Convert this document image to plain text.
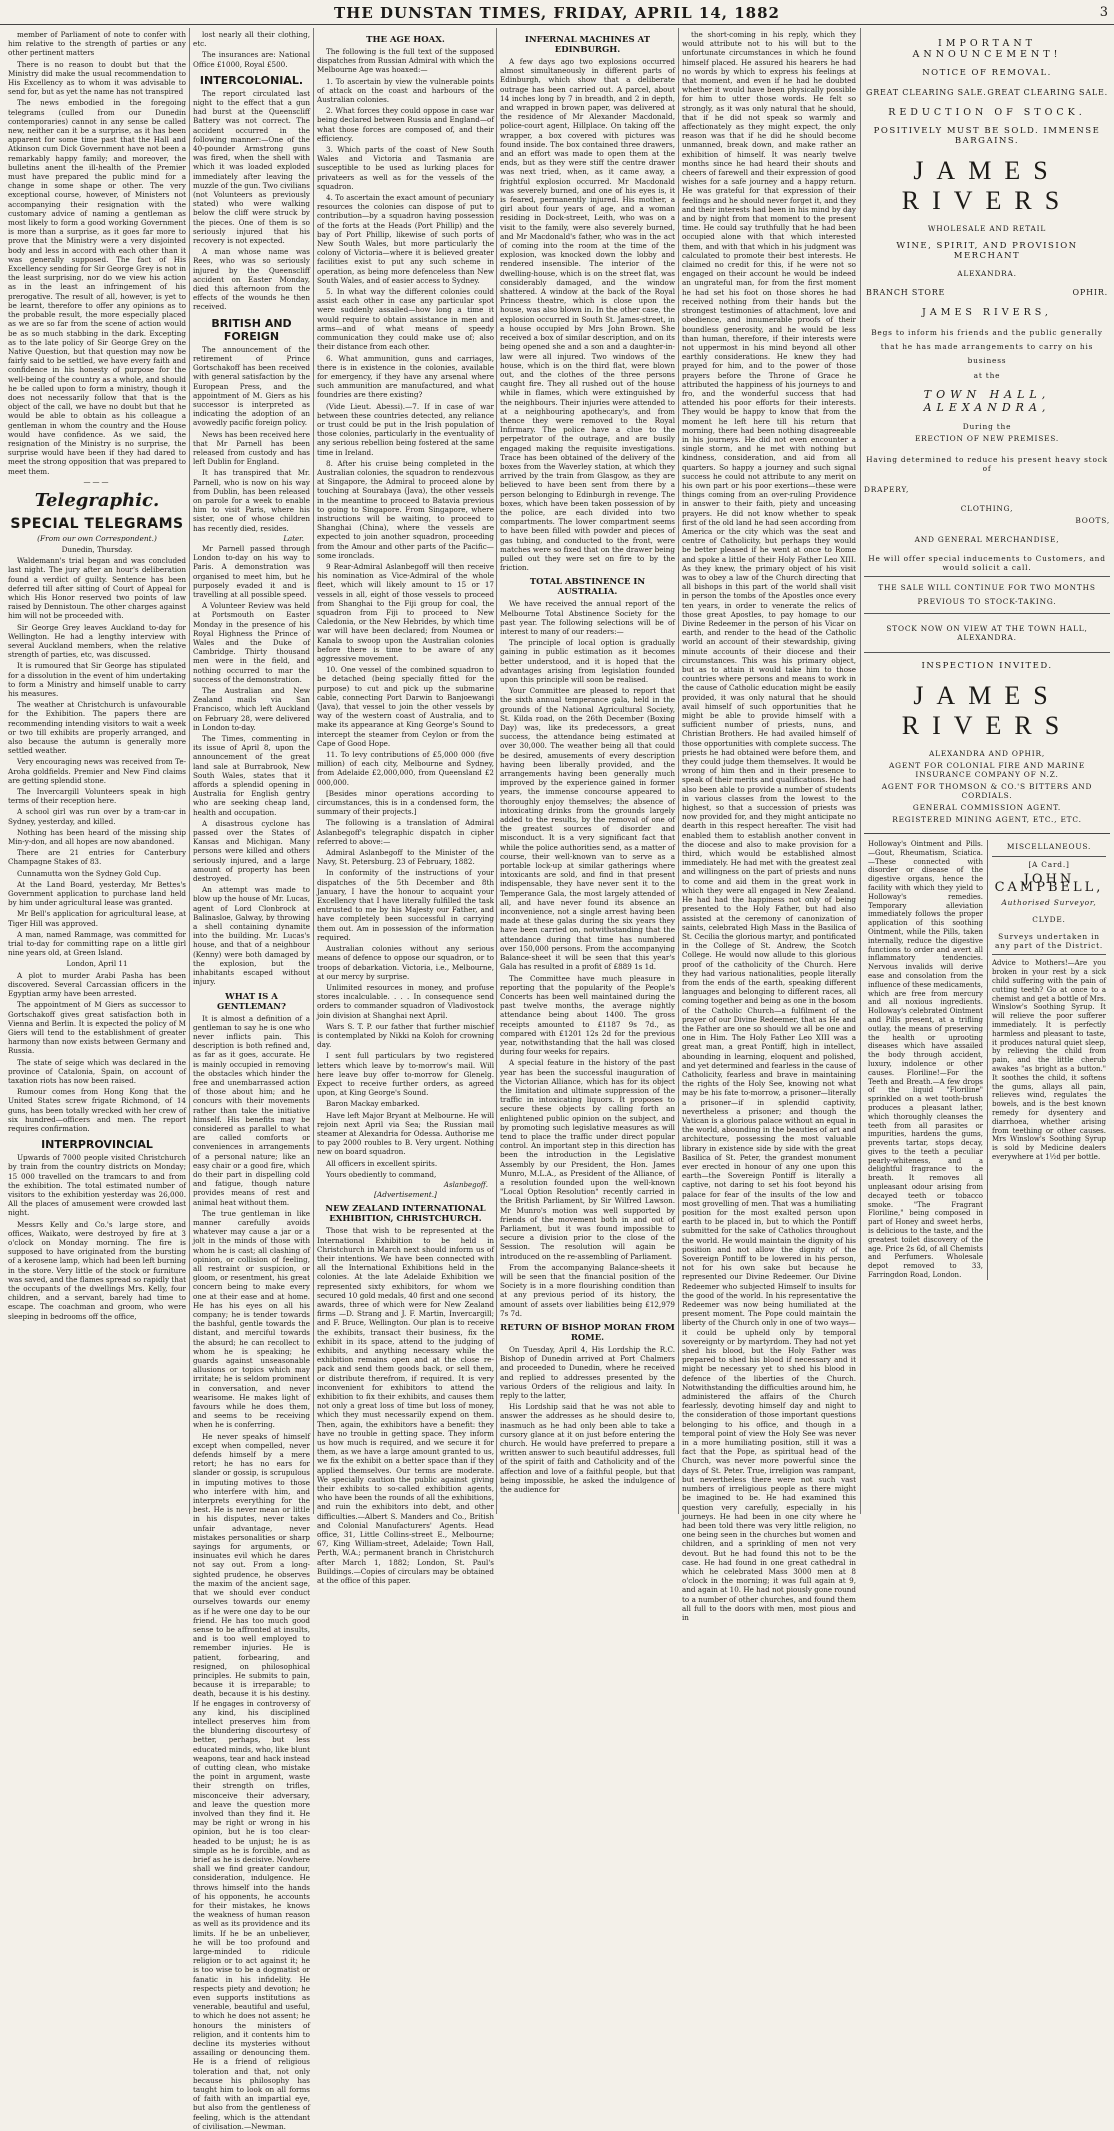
THE DUNSTAN TIMES, FRIDAY, APRIL 14, 1882	3

member of Parliament of note to confer with him relative to the strength of parties or any other pertinent matters

There is no reason to doubt but that the Ministry did make the usual recommendation to His Excellency as to whom it was advisable to send for, but as yet the name has not transpired

The news embodied in the foregoing telegrams (culled from our Dunedin contemporaries) cannot in any sense be called new, neither can it be a surprise, as it has been apparent for some time past that the Hall and Atkinson cum Dick Government have not been a remarkably happy family; and moreover, the bulletins anent the ill-health of the Premier must have prepared the public mind for a change in some shape or other. The very exceptional course, however, of Ministers not accompanying their resignation with the customary advice of naming a gentleman as most likely to form a good working Government is more than a surprise, as it goes far more to prove that the Ministry were a very disjointed body and less in accord with each other than it was generally supposed. The fact of His Excellency sending for Sir George Grey is not in the least surprising, nor do we view his action as in the least an infringement of his prerogative. The result of all, however, is yet to be learnt, therefore to offer any opinions as to the probable result, the more especially placed as we are so far from the scene of action would be as so much stabbing in the dark. Excepting as to the late policy of Sir George Grey on the Native Question, but that question may now be fairly said to be settled, we have every faith and confidence in his honesty of purpose for the well-being of the country as a whole, and should he be called upon to form a ministry, though it does not necessarily follow that that is the object of the call, we have no doubt but that he would be able to obtain as his colleague a gentleman in whom the country and the House would have confidence. As we said, the resignation of the Ministry is no surprise, the surprise would have been if they had dared to meet the strong opposition that was prepared to meet them.

———
Telegraphic.
SPECIAL TELEGRAMS
(From our own Correspondent.)
Dunedin, Thursday.

Waldemann's trial began and was concluded last night. The jury after an hour's deliberation found a verdict of guilty. Sentence has been deferred till after sitting of Court of Appeal for which His Honor reserved two points of law raised by Dennistoun. The other charges against him will not be proceeded with.

Sir George Grey leaves Auckland to-day for Wellington. He had a lengthy interview with several Auckland members, when the relative strength of parties, etc, was discussed.

It is rumoured that Sir George has stipulated for a dissolution in the event of him undertaking to form a Ministry and himself unable to carry his measures.

The weather at Christchurch is unfavourable for the Exhibition. The papers there are recommending intending visitors to wait a week or two till exhibits are properly arranged, and also because the autumn is generally more settled weather.

Very encouraging news was received from Te-Aroha goldfields. Premier and New Find claims are getting splendid stone.

The Invercargill Volunteers speak in high terms of their reception here.

A school girl was run over by a tram-car in Sydney, yesterday, and killed.

Nothing has been heard of the missing ship Min-y-don, and all hopes are now abandoned.

There are 21 entries for Canterbury Champagne Stakes of 83.

Cunnamutta won the Sydney Gold Cup.

At the Land Board, yesterday, Mr Bettes's Government application to purchase land held by him under agricultural lease was granted.

Mr Bell's application for agricultural lease, at Tiger Hill was approved.

A man, named Rammage, was committed for trial to-day for committing rape on a little girl nine years old, at Green Island.

London, April 11

A plot to murder Arabi Pasha has been discovered. Several Carcassian officers in the Egyptian army have been arrested.

The appointment of M Giers as successor to Gortschakoff gives great satisfaction both in Vienna and Berlin. It is expected the policy of M Giers will tend to the establishment of greater harmony than now exists between Germany and Russia.

The state of seige which was declared in the province of Catalonia, Spain, on account of taxation riots has now been raised.

Rumour comes from Hong Kong that the United States screw frigate Richmond, of 14 guns, has been totally wrecked with her crew of six hundred—officers and men. The report requires confirmation.

INTERPROVINCIAL

Upwards of 7000 people visited Christchurch by train from the country districts on Monday; 15 000 travelled on the tramcars to and from the exhibition. The total estimated number of visitors to the exhibition yesterday was 26,000. All the places of amusement were crowded last night.

Messrs Kelly and Co.'s large store, and offices, Waikato, were destroyed by fire at 3 o'clock on Monday morning. The fire is supposed to have originated from the bursting of a kerosene lamp, which had been left burning in the store. Very little of the stock or furniture was saved, and the flames spread so rapidly that the occupants of the dwellings Mrs. Kelly, four children, and a servant, barely had time to escape. The coachman and groom, who were sleeping in bedrooms off the office,

lost nearly all their clothing, etc.

The insurances are: National Office £1000, Royal £500.

INTERCOLONIAL.

The report circulated last night to the effect that a gun had burst at the Queenscliff Battery was not correct. The accident occurred in the following manner:—One of the 40-pounder Armstrong guns was fired, when the shell with which it was loaded exploded immediately after leaving the muzzle of the gun. Two civilians (not Volunteers as previously stated) who were walking below the cliff were struck by the pieces. One of them is so seriously injured that his recovery is not expected.

A man whose name was Rees, who was so seriously injured by the Queenscliff accident on Easter Monday, died this afternoon from the effects of the wounds he then received.

BRITISH AND FOREIGN

The announcement of the retirement of Prince Gortschakoff has been received with general satisfaction by the European Press, and the appointment of M. Giers as his successor is interpreted as indicating the adoption of an avowedly pacific foreign policy.

News has been received here that Mr Parnell has been released from custody and has left Dublin for England.

It has transpired that Mr. Parnell, who is now on his way from Dublin, has been released on parole for a week to enable him to visit Paris, where his sister, one of whose children has recently died, resides.

Later.

Mr Parnell passed through London to-day on his way to Paris. A demonstration was organised to meet him, but he purposely evaded it and is travelling at all possible speed.

A Volunteer Review was held at Portsmouth on Easter Monday in the presence of his Royal Highness the Prince of Wales and the Duke of Cambridge. Thirty thousand men were in the field, and nothing occurred to mar the success of the demonstration.

The Australian and New Zealand mails via San Francisco, which left Auckland on February 28, were delivered in London to-day.

The Times, commenting in its issue of April 8, upon the announcement of the great land sale at Burrabrook, New South Wales, states that it affords a splendid opening in Australia for English gentry who are seeking cheap land, health and occupation.

A disastrous cyclone has passed over the States of Kansas and Michigan. Many persons were killed and others seriously injured, and a large amount of property has been destroyed.

An attempt was made to blow up the house of Mr. Lucas, agent of Lord Clonbrock at Balinasloe, Galway, by throwing a shell containing dynamite into the building. Mr. Lucas's house, and that of a neighbour (Kenny) were both damaged by the explosion, but the inhabitants escaped without injury.

WHAT IS A GENTLEMAN?

It is almost a definition of a gentleman to say he is one who never inflicts pain. This description is both refined and, as far as it goes, accurate. He is mainly occupied in removing the obstacles which hinder the free and unembarrassed action of those about him; and he concurs with their movements rather than take the initiative himself. His benefits may be considered as parallel to what are called comforts or conveniences in arrangements of a personal nature; like an easy chair or a good fire, which do their part in dispelling cold and fatigue, though nature provides means of rest and animal heat without them.

The true gentleman in like manner carefully avoids whatever may cause a jar or a jolt in the minds of those with whom he is cast; all clashing of opinion, or collision of feeling, all restraint or suspicion, or gloom, or resentment, his great concern being to make every one at their ease and at home. He has his eyes on all his company; he is tender towards the bashful, gentle towards the distant, and merciful towards the absurd; he can recollect to whom he is speaking; he guards against unseasonable allusions or topics which may irritate; he is seldom prominent in conversation, and never wearisome. He makes light of favours while he does them, and seems to be receiving when he is conferring.

He never speaks of himself except when compelled, never defends himself by a mere retort; he has no ears for slander or gossip, is scrupulous in imputing motives to those who interfere with him, and interprets everything for the best. He is never mean or little in his disputes, never takes unfair advantage, never mistakes personalities or sharp sayings for arguments, or insinuates evil which he dares not say out. From a long-sighted prudence, he observes the maxim of the ancient sage, that we should ever conduct ourselves towards our enemy as if he were one day to be our friend. He has too much good sense to be affronted at insults, and is too well employed to remember injuries. He is patient, forbearing, and resigned, on philosophical principles. He submits to pain, because it is irreparable; to death, because it is his destiny. If he engages in controversy of any kind, his disciplined intellect preserves him from the blundering discourtesy of better, perhaps, but less educated minds, who, like blunt weapons, tear and hack instead of cutting clean, who mistake the point in argument, waste their strength on trifles, misconceive their adversary, and leave the question more involved than they find it. He may be right or wrong in his opinion, but he is too clear-headed to be unjust; he is as simple as he is forcible, and as brief as he is decisive. Nowhere shall we find greater candour, consideration, indulgence. He throws himself into the hands of his opponents, he accounts for their mistakes, he knows the weakness of human reason as well as its providence and its limits. If he be an unbeliever, he will be too profound and large-minded to ridicule religion or to act against it; he is too wise to be a dogmatist or fanatic in his infidelity. He respects piety and devotion; he even supports institutions as venerable, beautiful and useful, to which he does not assent; he honours the ministers of religion, and it contents him to decline its mysteries without assailing or denouncing them. He is a friend of religious toleration and that, not only because his philosophy has taught him to look on all forms of faith with an impartial eye, but also from the gentleness of feeling, which is the attendant of civilisation.—Newman.

THE AGE HOAX.

The following is the full text of the supposed dispatches from Russian Admiral with which the Melbourne Age was hoaxed:—

1. To ascertain by view the vulnerable points of attack on the coast and harbours of the Australian colonies.

2. What forces they could oppose in case war being declared between Russia and England—of what those forces are composed of, and their efficiency.

3. Which parts of the coast of New South Wales and Victoria and Tasmania are susceptible to be used as lurking places for privateers as well as for the vessels of the squadron.

4. To ascertain the exact amount of pecuniary resources the colonies can dispose of put to contribution—by a squadron having possession of the forts at the Heads (Port Phillip) and the bay of Port Phillip, likewise of such ports of New South Wales, but more particularly the colony of Victoria—where it is believed greater facilities exist to put any such scheme in operation, as being more defenceless than New South Wales, and of easier access to Sydney.

5. In what way the different colonies could assist each other in case any particular spot were suddenly assailed—how long a time it would require to obtain assistance in men and arms—and of what means of speedy communication they could make use of; also their distance from each other.

6. What ammunition, guns and carriages, there is in existence in the colonies, available for emergency, if they have any arsenal where such ammunition are manufactured, and what foundries are there existing?

(Vide Lieut. Abessi).—7. If in case of war between these countries detected, any reliance or trust could be put in the Irish population of those colonies, particularly in the eventuality of any serious rebellion being fostered at the same time in Ireland.

8. After his cruise being completed in the Australian colonies, the squadron to rendezvous at Singapore, the Admiral to proceed alone by touching at Sourabaya (Java), the other vessels in the meantime to proceed to Batavia previous to going to Singapore. From Singapore, where instructions will be waiting, to proceed to Shanghai (China), where the vessels are expected to join another squadron, proceeding from the Amour and other parts of the Pacific—some ironclads.

9 Rear-Admiral Aslanbegoff will then receive his nomination as Vice-Admiral of the whole fleet, which will likely amount to 15 or 17 vessels in all, eight of those vessels to proceed from Shanghai to the Fiji group for coal, the squadron from Fiji to proceed to New Caledonia, or the New Hebrides, by which time war will have been declared; from Noumea or Kanala to swoop upon the Australian colonies before there is time to be aware of any aggressive movement.

10. One vessel of the combined squadron to be detached (being specially fitted for the purpose) to cut and pick up the submarine cable, connecting Port Darwin to Banjoewangi (Java), that vessel to join the other vessels by way of the western coast of Australia, and to make its appearance at King George's Sound to intercept the steamer from Ceylon or from the Cape of Good Hope.

11. To levy contributions of £5,000 000 (five million) of each city, Melbourne and Sydney, from Adelaide £2,000,000, from Queensland £2 000,000.

[Besides minor operations according to circumstances, this is in a condensed form, the summary of their projects.]

The following is a translation of Admiral Aslanbegoff's telegraphic dispatch in cipher referred to above:—

Admiral Aslanbegoff to the Minister of the Navy, St. Petersburg. 23 of February, 1882.

In conformity of the instructions of your dispatches of the 5th December and 8th January, I have the honour to acquaint your Excellency that I have literally fulfilled the task entrusted to me by his Majesty our Father, and have completely been successful in carrying them out. Am in possession of the information required.

Australian colonies without any serious means of defence to oppose our squadron, or to troops of debarkation. Victoria, i.e., Melbourne, at our mercy by surprise.

Unlimited resources in money, and profuse stores incalculable. . . . In consequence send orders to commander squadron of Vladivostock join division at Shanghai next April.

Wars S. T. P. our father that further mischief is contemplated by Nikki na Koloh for crowning day.

I sent full particulars by two registered letters which leave by to-morrow's mail. Will here leave buy offer to-morrow for Glenelg. Expect to receive further orders, as agreed upon, at King George's Sound.

Baron Mackay embarked.

Have left Major Bryant at Melbourne. He will rejoin next April via Sea; the Russian mail steamer at Alexandria for Odessa. Authorise me to pay 2000 roubles to B. Very urgent. Nothing new on board squadron.

All officers in excellent spirits.

Yours obediently to command,

Aslanbegoff.
[Advertisement.]
NEW ZEALAND INTERNATIONAL EXHIBITION, CHRISTCHURCH.

Those that wish to be represented at the International Exhibition to be held in Christchurch in March next should inform us of their intentions. We have been connected with all the International Exhibitions held in the colonies. At the late Adelaide Exhibition we represented sixty exhibitors, for whom we secured 10 gold medals, 40 first and one second awards, three of which were for New Zealand firms —D. Strang and J. F. Martin, Invercargill; and F. Bruce, Wellington. Our plan is to receive the exhibits, transact their business, fix the exhibit in its space, attend to the judging of exhibits, and anything necessary while the exhibition remains open and at the close re-pack and send them goods back, or sell them, or distribute therefrom, if required. It is very inconvenient for exhibitors to attend the exhibition to fix their exhibits, and causes them not only a great loss of time but loss of money, which they must necessarily expend on them. Then, again, the exhibitors have a benefit: they have no trouble in getting space. They inform us how much is required, and we secure it for them, as we have a large amount granted to us, we fix the exhibit on a better space than if they applied themselves. Our terms are moderate. We specially caution the public against giving their exhibits to so-called exhibition agents, who have been the rounds of all the exhibitions, and ruin the exhibitors into debt, and other difficulties.—Albert S. Manders and Co., British and Colonial Manufacturers' Agents. Head office, 31, Little Collins-street E., Melbourne; 67, King William-street, Adelaide; Town Hall, Perth, W.A.; permanent branch in Christchurch after March 1, 1882; London, St. Paul's Buildings.—Copies of circulars may be obtained at the office of this paper.

INFERNAL MACHINES AT EDINBURGH.

A few days ago two explosions occurred almost simultaneously in different parts of Edinburgh, which show that a deliberate outrage has been carried out. A parcel, about 14 inches long by 7 in breadth, and 2 in depth, and wrapped in brown paper, was delivered at the residence of Mr Alexander Macdonald, police-court agent, Hillplace. On taking off the wrapper, a box covered with pictures was found inside. The box contained three drawers, and an effort was made to open them at the ends, but as they were stiff the centre drawer was next tried, when, as it came away, a frightful explosion occurred. Mr Macdonald was severely burned, and one of his eyes is, it is feared, permanently injured. His mother, a girl about four years of age, and a woman residing in Dock-street, Leith, who was on a visit to the family, were also severely burned, and Mr Macdonald's father, who was in the act of coming into the room at the time of the explosion, was knocked down the lobby and rendered insensible. The interior of the dwelling-house, which is on the street flat, was considerably damaged, and the window shattered. A window at the back of the Royal Princess theatre, which is close upon the house, was also blown in. In the other case, the explosion occurred in South St. James-street, in a house occupied by Mrs John Brown. She received a box of similar description, and on its being opened she and a son and a daughter-in-law were all injured. Two windows of the house, which is on the third flat, were blown out, and the clothes of the three persons caught fire. They all rushed out of the house while in flames, which were extinguished by the neighbours. Their injuries were attended to at a neighbouring apothecary's, and from thence they were removed to the Royal Infirmary. The police have a clue to the perpetrator of the outrage, and are busily engaged making the requisite investigations. Trace has been obtained of the delivery of the boxes from the Waverley station, at which they arrived by the train from Glasgow, as they are believed to have been sent from there by a person belonging to Edinburgh in revenge. The boxes, which have been taken possession of by the police, are each divided into two compartments. The lower compartment seems to have been filled with powder and pieces of gas tubing, and conducted to the front, were matches were so fixed that on the drawer being pulled out they were set on fire to by the friction.

TOTAL ABSTINENCE IN AUSTRALIA.

We have received the annual report of the Melbourne Total Abstinence Society for the past year. The following selections will be of interest to many of our readers:—

The principle of local option is gradually gaining in public estimation as it becomes better understood, and it is hoped that the advantages arising from legislation founded upon this principle will soon be realised.

Your Committee are pleased to report that the sixth annual temperance gala, held in the grounds of the National Agricultural Society, St. Kilda road, on the 26th December (Boxing Day) was, like its predecessors, a great success, the attendance being estimated at over 30,000. The weather being all that could be desired, amusements of every description having been liberally provided, and the arrangements having been generally much improved by the experience gained in former years, the immense concourse appeared to thoroughly enjoy themselves; the absence of intoxicating drinks from the grounds largely added to the results, by the removal of one of the greatest sources of disorder and misconduct. It is a very significant fact that while the police authorities send, as a matter of course, their well-known van to serve as a portable lock-up at similar gatherings where intoxicants are sold, and find in that present indispensable, they have never sent it to the Temperance Gala, the most largely attended of all, and have never found its absence an inconvenience, not a single arrest having been made at these galas during the six years they have been carried on, notwithstanding that the attendance during that time has numbered over 150,000 persons. From the accompanying Balance-sheet it will be seen that this year's Gala has resulted in a profit of £889 1s 1d.

The Committee have much pleasure in reporting that the popularity of the People's Concerts has been well maintained during the past twelve months, the average nightly attendance being about 1400. The gross receipts amounted to £1187 9s 7d., as compared with £1201 12s 2d for the previous year, notwithstanding that the hall was closed during four weeks for repairs.

A special feature in the history of the past year has been the successful inauguration of the Victorian Alliance, which has for its object the limitation and ultimate suppression of the traffic in intoxicating liquors. It proposes to secure these objects by calling forth an enlightened public opinion on the subject, and by promoting such legislative measures as will tend to place the traffic under direct popular control. An important step in this direction has been the introduction in the Legislative Assembly by our President, the Hon. James Munro, M.L.A., as President of the Alliance, of a resolution founded upon the well-known "Local Option Resolution" recently carried in the British Parliament, by Sir Wilfred Lawson. Mr Munro's motion was well supported by friends of the movement both in and out of Parliament, but it was found impossible to secure a division prior to the close of the Session. The resolution will again be introduced on the re-assembling of Parliament.

From the accompanying Balance-sheets it will be seen that the financial position of the Society is in a more flourishing condition than at any previous period of its history, the amount of assets over liabilities being £12,979 7s 7d.

RETURN OF BISHOP MORAN FROM ROME.

On Tuesday, April 4, His Lordship the R.C. Bishop of Dunedin arrived at Port Chalmers and proceeded to Dunedin, where he received and replied to addresses presented by the various Orders of the religious and laity. In reply to the latter,

His Lordship said that he was not able to answer the addresses as he should desire to, inasmuch as he had only been able to take a cursory glance at it on just before entering the church. He would have preferred to prepare a written answer to such beautiful addresses, full of the spirit of faith and Catholicity and of the affection and love of a faithful people, but that being impossible, he asked the indulgence of the audience for

the short-coming in his reply, which they would attribute not to his will but to the unfortunate circumstances in which he found himself placed. He assured his hearers he had no words by which to express his feelings at that moment, and even if he had he doubted whether it would have been physically possible for him to utter those words. He felt so strongly, as it was only natural that he should, that if he did not speak so warmly and affectionately as they might expect, the only reason was that if he did he should become unmanned, break down, and make rather an exhibition of himself. It was nearly twelve months since he had heard their shouts and cheers of farewell and their expression of good wishes for a safe journey and a happy return. He was grateful for that expression of their feelings and he should never forget it, and they and their interests had been in his mind by day and by night from that moment to the present time. He could say truthfully that he had been occupied alone with that which interested them, and with that which in his judgment was calculated to promote their best interests. He claimed no credit for this, if he were not so engaged on their account he would be indeed an ungrateful man, for from the first moment he had set his foot on those shores he had received nothing from their hands but the strongest testimonies of attachment, love and obedience, and innumerable proofs of their boundless generosity, and he would be less than human, therefore, if their interests were not uppermost in his mind beyond all other earthly considerations. He knew they had prayed for him, and to the power of those prayers before the Throne of Grace he attributed the happiness of his journeys to and fro, and the wonderful success that had attended his poor efforts for their interests. They would be happy to know that from the moment he left here till his return that morning, there had been nothing disagreeable in his journeys. He did not even encounter a single storm, and he met with nothing but kindness, consideration, and aid from all quarters. So happy a journey and such signal success he could not attribute to any merit on his own part or his poor exertions—these were things coming from an over-ruling Providence in answer to their faith, piety and unceasing prayers. He did not know whether to speak first of the old land he had seen according from America or the city which was the seat and centre of Catholicity, but perhaps they would be better pleased if he went at once to Rome and spoke a little of their Holy Father Leo XIII. As they knew, the primary object of his visit was to obey a law of the Church directing that all bishops in this part of the world shall visit in person the tombs of the Apostles once every ten years, in order to venerate the relics of those great Apostles, to pay homage to our Divine Redeemer in the person of his Vicar on earth, and render to the head of the Catholic world an account of their stewardship, giving minute accounts of their diocese and their circumstances. This was his primary object, but as to attain it would take him to those countries where persons and means to work in the cause of Catholic education might be easily provided, it was only natural that he should avail himself of such opportunities that he might be able to provide himself with a sufficient number of priests, nuns, and Christian Brothers. He had availed himself of those opportunities with complete success. The priests he had obtained were before them, and they could judge them themselves. It would be wrong of him then and in their presence to speak of their merits and qualifications. He had also been able to provide a number of students in various classes from the lowest to the highest, so that a succession of priests was now provided for, and they might anticipate no dearth in this respect hereafter. The visit had enabled them to establish another convent in the diocese and also to make provision for a third, which would be established almost immediately. He had met with the greatest zeal and willingness on the part of priests and nuns to come and aid them in the great work in which they were all engaged in New Zealand. He had had the happiness not only of being presented to the Holy Father, but had also assisted at the ceremony of canonization of saints, celebrated High Mass in the Basilica of St. Cecilia the glorious martyr, and pontificated in the College of St. Andrew, the Scotch College. He would now allude to this glorious proof of the catholicity of the Church. Here they had various nationalities, people literally from the ends of the earth, speaking different languages and belonging to different races, all coming together and being as one in the bosom of the Catholic Church—a fulfilment of the prayer of our Divine Redeemer, that as He and the Father are one so should we all be one and one in Him. The Holy Father Leo XIII was a great man, a great Pontiff, high in intellect, abounding in learning, eloquent and polished, and yet determined and fearless in the cause of Catholicity, fearless and brave in maintaining the rights of the Holy See, knowing not what may be his fate to-morrow, a prisoner—literally a prisoner—if in splendid captivity, nevertheless a prisoner; and though the Vatican is a glorious palace without an equal in the world, abounding in the beauties of art and architecture, possessing the most valuable library in existence side by side with the great Basilica of St. Peter, the grandest monument ever erected in honour of any one upon this earth—the Sovereign Pontiff is literally a captive, not daring to set his foot beyond his palace for fear of the insults of the low and most grovelling of men. That was a humiliating position for the most exalted person upon earth to be placed in, but to which the Pontiff submitted for the sake of Catholics throughout the world. He would maintain the dignity of his position and not allow the dignity of the Sovereign Pontiff to be lowered in his person, not for his own sake but because he represented our Divine Redeemer. Our Divine Redeemer who subjected Himself to insults for the good of the world. In his representative the Redeemer was now being humiliated at the present moment. The Pope could maintain the liberty of the Church only in one of two ways—it could be upheld only by temporal sovereignty or by martyrdom. They had not yet shed his blood, but the Holy Father was prepared to shed his blood if necessary and it might be necessary yet to shed his blood in defence of the liberties of the Church. Notwithstanding the difficulties around him, he administered the affairs of the Church fearlessly, devoting himself day and night to the consideration of those important questions belonging to his office, and though in a temporal point of view the Holy See was never in a more humiliating position, still it was a fact that the Pope, as spiritual head of the Church, was never more powerful since the days of St. Peter. True, irreligion was rampant, but nevertheless there were not such vast numbers of irreligious people as there might be imagined to be. He had examined this question very carefully, especially in his journeys. He had been in one city where he had been told there was very little religion, no one being seen in the churches but women and children, and a sprinkling of men not very devout. But he had found this not to be the case. He had found in one great cathedral in which he celebrated Mass 3000 men at 8 o'clock in the morning; it was full again at 9, and again at 10. He had not piously gone round to a number of other churches, and found them all full to the doors with men, most pious and in

IMPORTANT ANNOUNCEMENT!
NOTICE OF REMOVAL.
GREAT CLEARING SALE. GREAT CLEARING SALE.
REDUCTION OF STOCK.
POSITIVELY MUST BE SOLD. IMMENSE BARGAINS.
JAMES RIVERS
WHOLESALE AND RETAIL
WINE, SPIRIT, AND PROVISION MERCHANT
ALEXANDRA.
BRANCH STORE	OPHIR.
JAMES RIVERS,
Begs to inform his friends and the public generally that he has made arrangements to carry on his business
at the
TOWN HALL, ALEXANDRA,
During the
ERECTION OF NEW PREMISES.
Having determined to reduce his present heavy stock of
DRAPERY,
CLOTHING,
BOOTS,
AND GENERAL MERCHANDISE,
He will offer special inducements to Customers, and would solicit a call.
THE SALE WILL CONTINUE FOR TWO MONTHS PREVIOUS TO STOCK-TAKING.
STOCK NOW ON VIEW AT THE TOWN HALL, ALEXANDRA.
INSPECTION INVITED.
JAMES RIVERS
ALEXANDRA AND OPHIR,
AGENT FOR COLONIAL FIRE AND MARINE INSURANCE COMPANY OF N.Z.
AGENT FOR THOMSON & CO.'S BITTERS AND CORDIALS.
GENERAL COMMISSION AGENT.
REGISTERED MINING AGENT, ETC., ETC.
Holloway's Ointment and Pills.—Gout, Rheumatism, Sciatica.—These connected with disorder or disease of the digestive organs, hence the facility with which they yield to Holloway's remedies. Temporary alleviation immediately follows the proper application of this soothing Ointment, while the Pills, taken internally, reduce the digestive functions to order and avert all inflammatory tendencies. Nervous invalids will derive ease and consolation from the influence of these medicaments, which are free from mercury and all noxious ingredients. Holloway's celebrated Ointment and Pills present, at a trifling outlay, the means of preserving the health or uprooting diseases which have assailed the body through accident, luxury, indolence or other causes. Floriline!—For the Teeth and Breath.—A few drops of the liquid "Floriline" sprinkled on a wet tooth-brush produces a pleasant lather, which thoroughly cleanses the teeth from all parasites or impurities, hardens the gums, prevents tartar, stops decay, gives to the teeth a peculiar pearly-whiteness, and a delightful fragrance to the breath. It removes all unpleasant odour arising from decayed teeth or tobacco smoke. "The Fragrant Floriline," being composed in part of Honey and sweet herbs, is delicious to the taste, and the greatest toilet discovery of the age. Price 2s 6d, of all Chemists and Perfumers. Wholesale depot removed to 33, Farringdon Road, London.
MISCELLANEOUS.
[A Card.]
JOHN CAMPBELL,
Authorised Surveyor,
CLYDE.
Surveys undertaken in any part of the District.
Advice to Mothers!—Are you broken in your rest by a sick child suffering with the pain of cutting teeth? Go at once to a chemist and get a bottle of Mrs. Winslow's Soothing Syrup. It will relieve the poor sufferer immediately. It is perfectly harmless and pleasant to taste, it produces natural quiet sleep, by relieving the child from pain, and the little cherub awakes "as bright as a button." It soothes the child, it softens the gums, allays all pain, relieves wind, regulates the bowels, and is the best known remedy for dysentery and diarrhoea, whether arising from teething or other causes. Mrs Winslow's Soothing Syrup is sold by Medicine dealers everywhere at 1½d per bottle.
